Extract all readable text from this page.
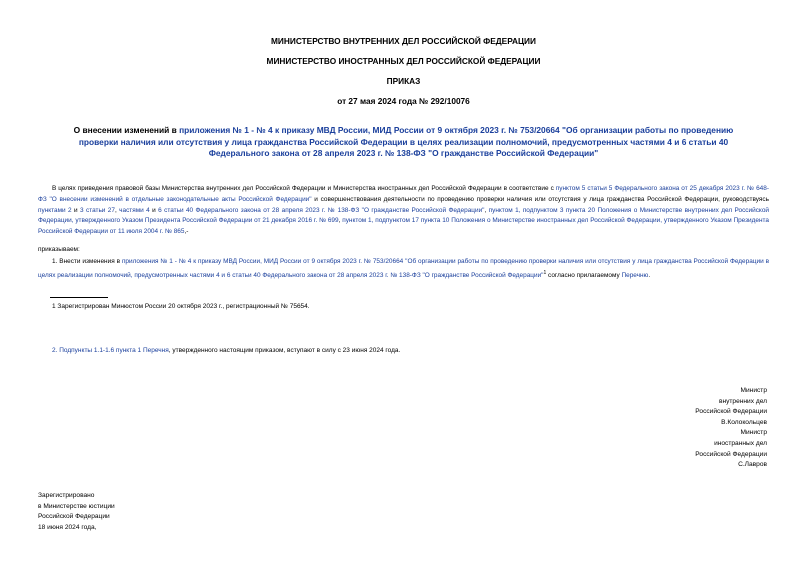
МИНИСТЕРСТВО ВНУТРЕННИХ ДЕЛ РОССИЙСКОЙ ФЕДЕРАЦИИ
МИНИСТЕРСТВО ИНОСТРАННЫХ ДЕЛ РОССИЙСКОЙ ФЕДЕРАЦИИ
ПРИКАЗ
от 27 мая 2024 года № 292/10076
О внесении изменений в приложения № 1 - № 4 к приказу МВД России, МИД России от 9 октября 2023 г. № 753/20664 "Об организации работы по проведению проверки наличия или отсутствия у лица гражданства Российской Федерации в целях реализации полномочий, предусмотренных частями 4 и 6 статьи 40 Федерального закона от 28 апреля 2023 г. № 138-ФЗ "О гражданстве Российской Федерации"
В целях приведения правовой базы Министерства внутренних дел Российской Федерации и Министерства иностранных дел Российской Федерации в соответствие с пунктом 5 статьи 5 Федерального закона от 25 декабря 2023 г. № 648-ФЗ "О внесении изменений в отдельные законодательные акты Российской Федерации" и совершенствования деятельности по проведению проверки наличия или отсутствия у лица гражданства Российской Федерации, руководствуясь пунктами 2 и 3 статьи 27, частями 4 и 6 статьи 40 Федерального закона от 28 апреля 2023 г. № 138-ФЗ "О гражданстве Российской Федерации", пунктом 1, подпунктом 3 пункта 20 Положения о Министерстве внутренних дел Российской Федерации, утвержденного Указом Президента Российской Федерации от 21 декабря 2016 г. № 699, пунктом 1, подпунктом 17 пункта 10 Положения о Министерстве иностранных дел Российской Федерации, утвержденного Указом Президента Российской Федерации от 11 июля 2004 г. № 865,-
приказываем:
1. Внести изменения в приложения № 1 - № 4 к приказу МВД России, МИД России от 9 октября 2023 г. № 753/20664 "Об организации работы по проведению проверки наличия или отсутствия у лица гражданства Российской Федерации в целях реализации полномочий, предусмотренных частями 4 и 6 статьи 40 Федерального закона от 28 апреля 2023 г. № 138-ФЗ "О гражданстве Российской Федерации"$^1$ согласно прилагаемому Перечню.
1 Зарегистрирован Минюстом России 20 октября 2023 г., регистрационный № 75654.
2. Подпункты 1.1-1.6 пункта 1 Перечня, утвержденного настоящим приказом, вступают в силу с 23 июня 2024 года.
Министр
внутренних дел
Российской Федерации
В.Колокольцев
Министр
иностранных дел
Российской Федерации
С.Лавров
Зарегистрировано
в Министерстве юстиции
Российской Федерации
18 июня 2024 года,
